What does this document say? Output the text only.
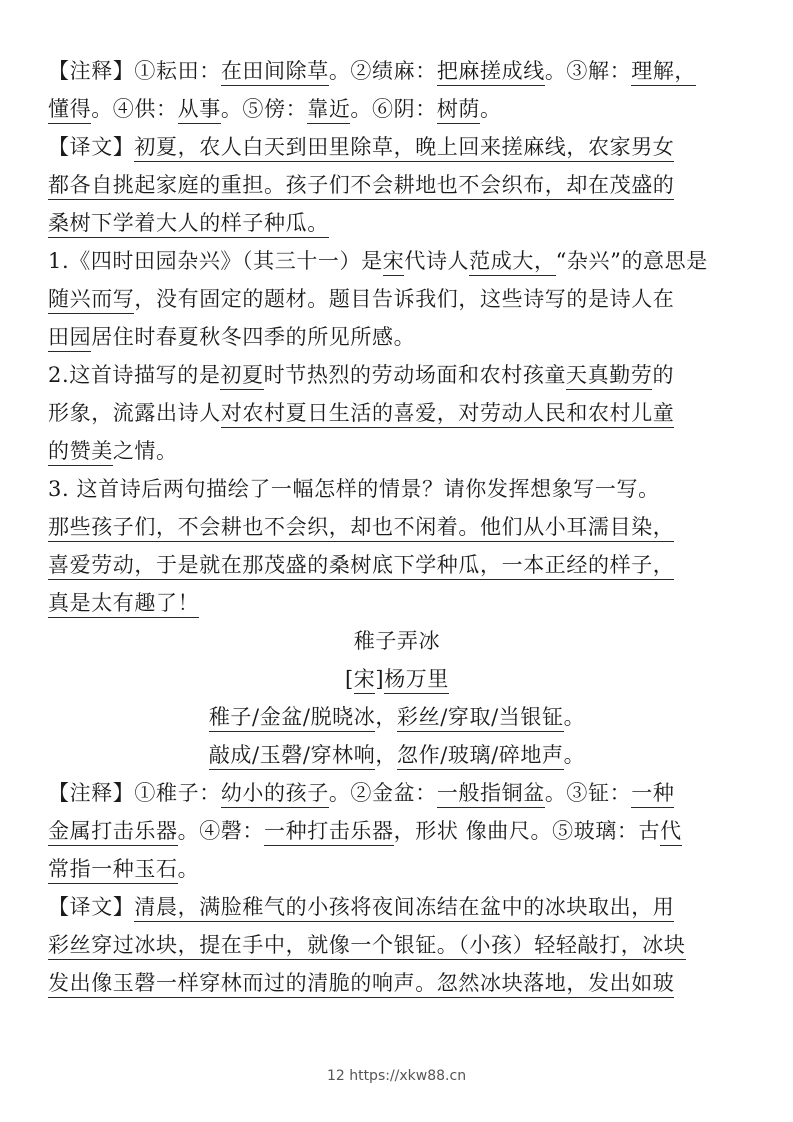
【注释】①耘田：在田间除草。②绩麻：把麻搓成线。③解：理解，
懂得。④供：从事。⑤傍：靠近。⑥阴：树荫。
【译文】初夏，农人白天到田里除草，晚上回来搓麻线，农家男女
都各自挑起家庭的重担。孩子们不会耕地也不会织布，却在茂盛的
桑树下学着大人的样子种瓜。
1.《四时田园杂兴》（其三十一）是宋代诗人范成大，“杂兴”的意思是
随兴而写，没有固定的题材。题目告诉我们，这些诗写的是诗人在
田园居住时春夏秋冬四季的所见所感。
2.这首诗描写的是初夏时节热烈的劳动场面和农村孩童天真勤劳的
形象，流露出诗人对农村夏日生活的喜爱，对劳动人民和农村儿童
的赞美之情。
3. 这首诗后两句描绘了一幅怎样的情景？请你发挥想象写一写。
那些孩子们，不会耕也不会织，却也不闲着。他们从小耳濡目染，
喜爱劳动，于是就在那茂盛的桑树底下学种瓜，一本正经的样子，
真是太有趣了！
稚子弄冰
[宋]杨万里
稚子/金盆/脱晓冰，彩丝/穿取/当银钲。
敲成/玉磬/穿林响，忽作/玻璃/碎地声。
【注释】①稚子：幼小的孩子。②金盆：一般指铜盆。③钲：一种
金属打击乐器。④磬：一种打击乐器，形状 像曲尺。⑤玻璃：古代
常指一种玉石。
【译文】清晨，满脸稚气的小孩将夜间冻结在盆中的冰块取出，用
彩丝穿过冰块，提在手中，就像一个银钲。（小孩）轻轻敲打，冰块
发出像玉磬一样穿林而过的清脆的响声。忽然冰块落地，发出如玻
12 https://xkw88.cn
